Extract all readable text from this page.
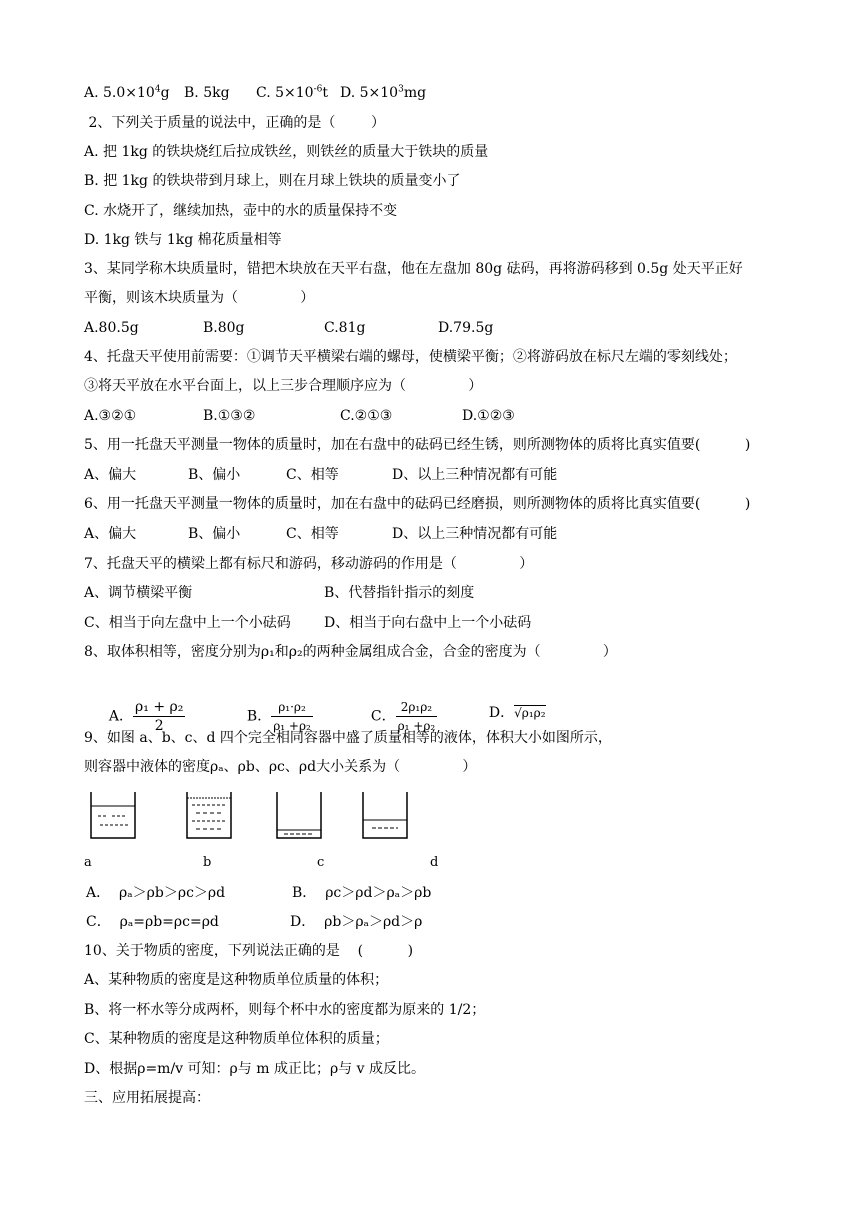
A. $5.0\times 10^4g$ B. 5kg C. $5\times 10^{-6}t$ D. $5\times 10^3mg$
2、下列关于质量的说法中，正确的是（        ）
A. 把 1kg 的铁块烧红后拉成铁丝，则铁丝的质量大于铁块的质量
B. 把 1kg 的铁块带到月球上，则在月球上铁块的质量变小了
C. 水烧开了，继续加热，壶中的水的质量保持不变
D. 1kg 铁与 1kg 棉花质量相等
3、某同学称木块质量时，错把木块放在天平右盘，他在左盘加 80g 砝码，再将游码移到 0.5g 处天平正好
平衡，则该木块质量为（              ）
A.80.5g	B.80g	C.81g	D.79.5g
4、托盘天平使用前需要：①调节天平横梁右端的螺母，使横梁平衡；②将游码放在标尺左端的零刻线处；
③将天平放在水平台面上，以上三步合理顺序应为（              ）
A.③②①	B.①③②	C.②①③	D.①②③
5、用一托盘天平测量一物体的质量时，加在右盘中的砝码已经生锈，则所测物体的质将比真实值要(          )
A、偏大	B、偏小	C、相等	D、以上三种情况都有可能
6、用一托盘天平测量一物体的质量时，加在右盘中的砝码已经磨损，则所测物体的质将比真实值要(          )
A、偏大	B、偏小	C、相等	D、以上三种情况都有可能
7、托盘天平的横梁上都有标尺和游码，移动游码的作用是（              ）
A、调节横梁平衡	B、代替指针指示的刻度
C、相当于向左盘中上一个小砝码 D、相当于向右盘中上一个小砝码
8、取体积相等，密度分别为ρ₁和ρ₂的两种金属组成合金，合金的密度为（              ）

A． $\frac{\text{ρ₁ + ρ₂}}{2}$	B． $\frac{\text{ρ₁·ρ₂}}{\text{ρ₁ +ρ₂}}$	C． $\frac{\text{2ρ₁ρ₂}}{\text{ρ₁ +ρ₂}}$	D．√ρ₁ρ₂

9、如图 a、b、c、d 四个完全相同容器中盛了质量相等的液体，体积大小如图所示，
则容器中液体的密度ρₐ、ρb、ρc、ρd大小关系为（              ）
a	b	c	d
A．  ρₐ＞ρb＞ρc＞ρd	B．  ρc＞ρd＞ρₐ＞ρb
C．  ρₐ=ρb=ρc=ρd	D．  ρb＞ρₐ＞ρd＞ρ
10、关于物质的密度，下列说法正确的是    (          )
A、某种物质的密度是这种物质单位质量的体积；
B、将一杯水等分成两杯，则每个杯中水的密度都为原来的 1/2；
C、某种物质的密度是这种物质单位体积的质量；
D、根据ρ=m/v 可知：ρ与 m 成正比；ρ与 v 成反比。
三、应用拓展提高：
